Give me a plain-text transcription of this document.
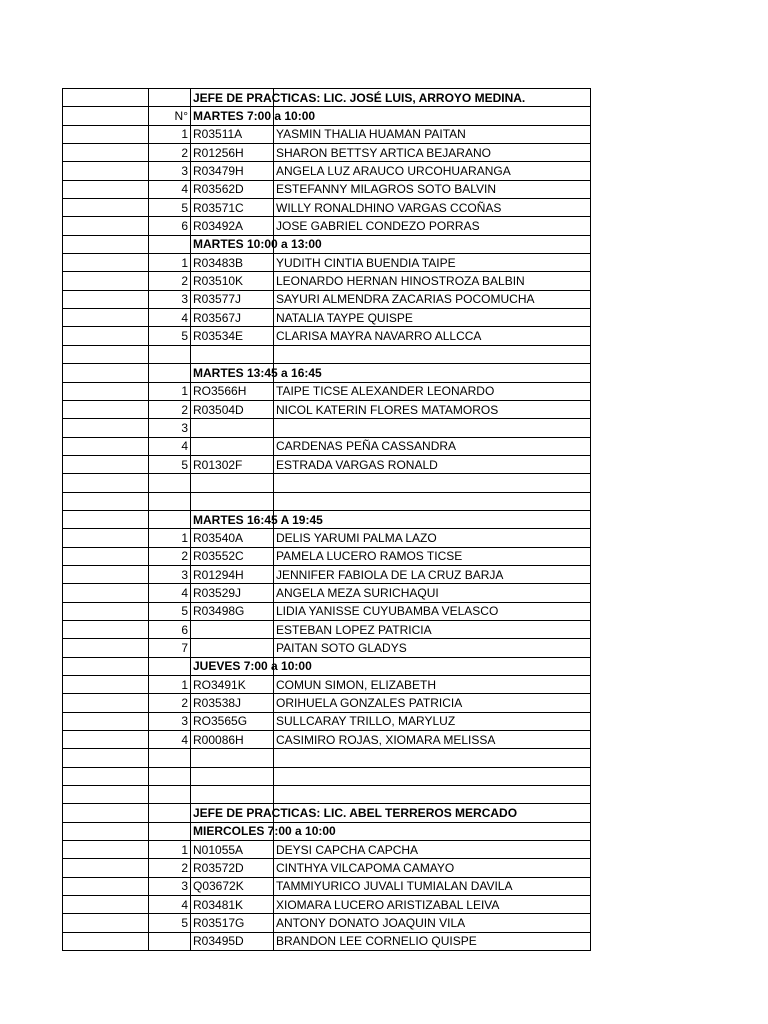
		JEFE DE PRACTICAS: LIC. JOSÉ LUIS, ARROYO MEDINA.	

	N°	MARTES 7:00 a 10:00	

	1	R03511A	YASMIN THALIA HUAMAN PAITAN
	2	R01256H	SHARON BETTSY ARTICA BEJARANO
	3	R03479H	ANGELA LUZ ARAUCO URCOHUARANGA
	4	R03562D	ESTEFANNY MILAGROS SOTO BALVIN
	5	R03571C	WILLY RONALDHINO VARGAS CCOÑAS
	6	R03492A	JOSE GABRIEL CONDEZO PORRAS

		MARTES 10:00 a 13:00	

	1	R03483B	YUDITH CINTIA BUENDIA TAIPE
	2	R03510K	LEONARDO HERNAN HINOSTROZA BALBIN
	3	R03577J	SAYURI ALMENDRA ZACARIAS POCOMUCHA
	4	R03567J	NATALIA TAYPE QUISPE
	5	R03534E	CLARISA MAYRA NAVARRO ALLCCA

		MARTES 13:45 a 16:45	

	1	RO3566H	TAIPE TICSE ALEXANDER LEONARDO
	2	R03504D	NICOL KATERIN FLORES MATAMOROS
	3		
	4		CARDENAS PEÑA CASSANDRA
	5	R01302F	ESTRADA VARGAS RONALD

		MARTES 16:45 A 19:45	

	1	R03540A	DELIS YARUMI PALMA LAZO
	2	R03552C	PAMELA LUCERO RAMOS TICSE
	3	R01294H	JENNIFER FABIOLA DE LA CRUZ BARJA
	4	R03529J	ANGELA MEZA SURICHAQUI
	5	R03498G	LIDIA YANISSE CUYUBAMBA VELASCO
	6		ESTEBAN LOPEZ PATRICIA
	7		PAITAN SOTO GLADYS

		JUEVES 7:00 a 10:00	

	1	RO3491K	COMUN SIMON, ELIZABETH
	2	R03538J	ORIHUELA GONZALES PATRICIA
	3	RO3565G	SULLCARAY TRILLO, MARYLUZ
	4	R00086H	CASIMIRO ROJAS, XIOMARA MELISSA

		JEFE DE PRACTICAS: LIC. ABEL TERREROS MERCADO	

		MIERCOLES 7:00 a 10:00	

	1	N01055A	DEYSI CAPCHA CAPCHA
	2	R03572D	CINTHYA VILCAPOMA CAMAYO
	3	Q03672K	TAMMIYURICO JUVALI TUMIALAN DAVILA
	4	R03481K	XIOMARA LUCERO ARISTIZABAL LEIVA
	5	R03517G	ANTONY DONATO JOAQUIN VILA
		R03495D	BRANDON LEE CORNELIO QUISPE
